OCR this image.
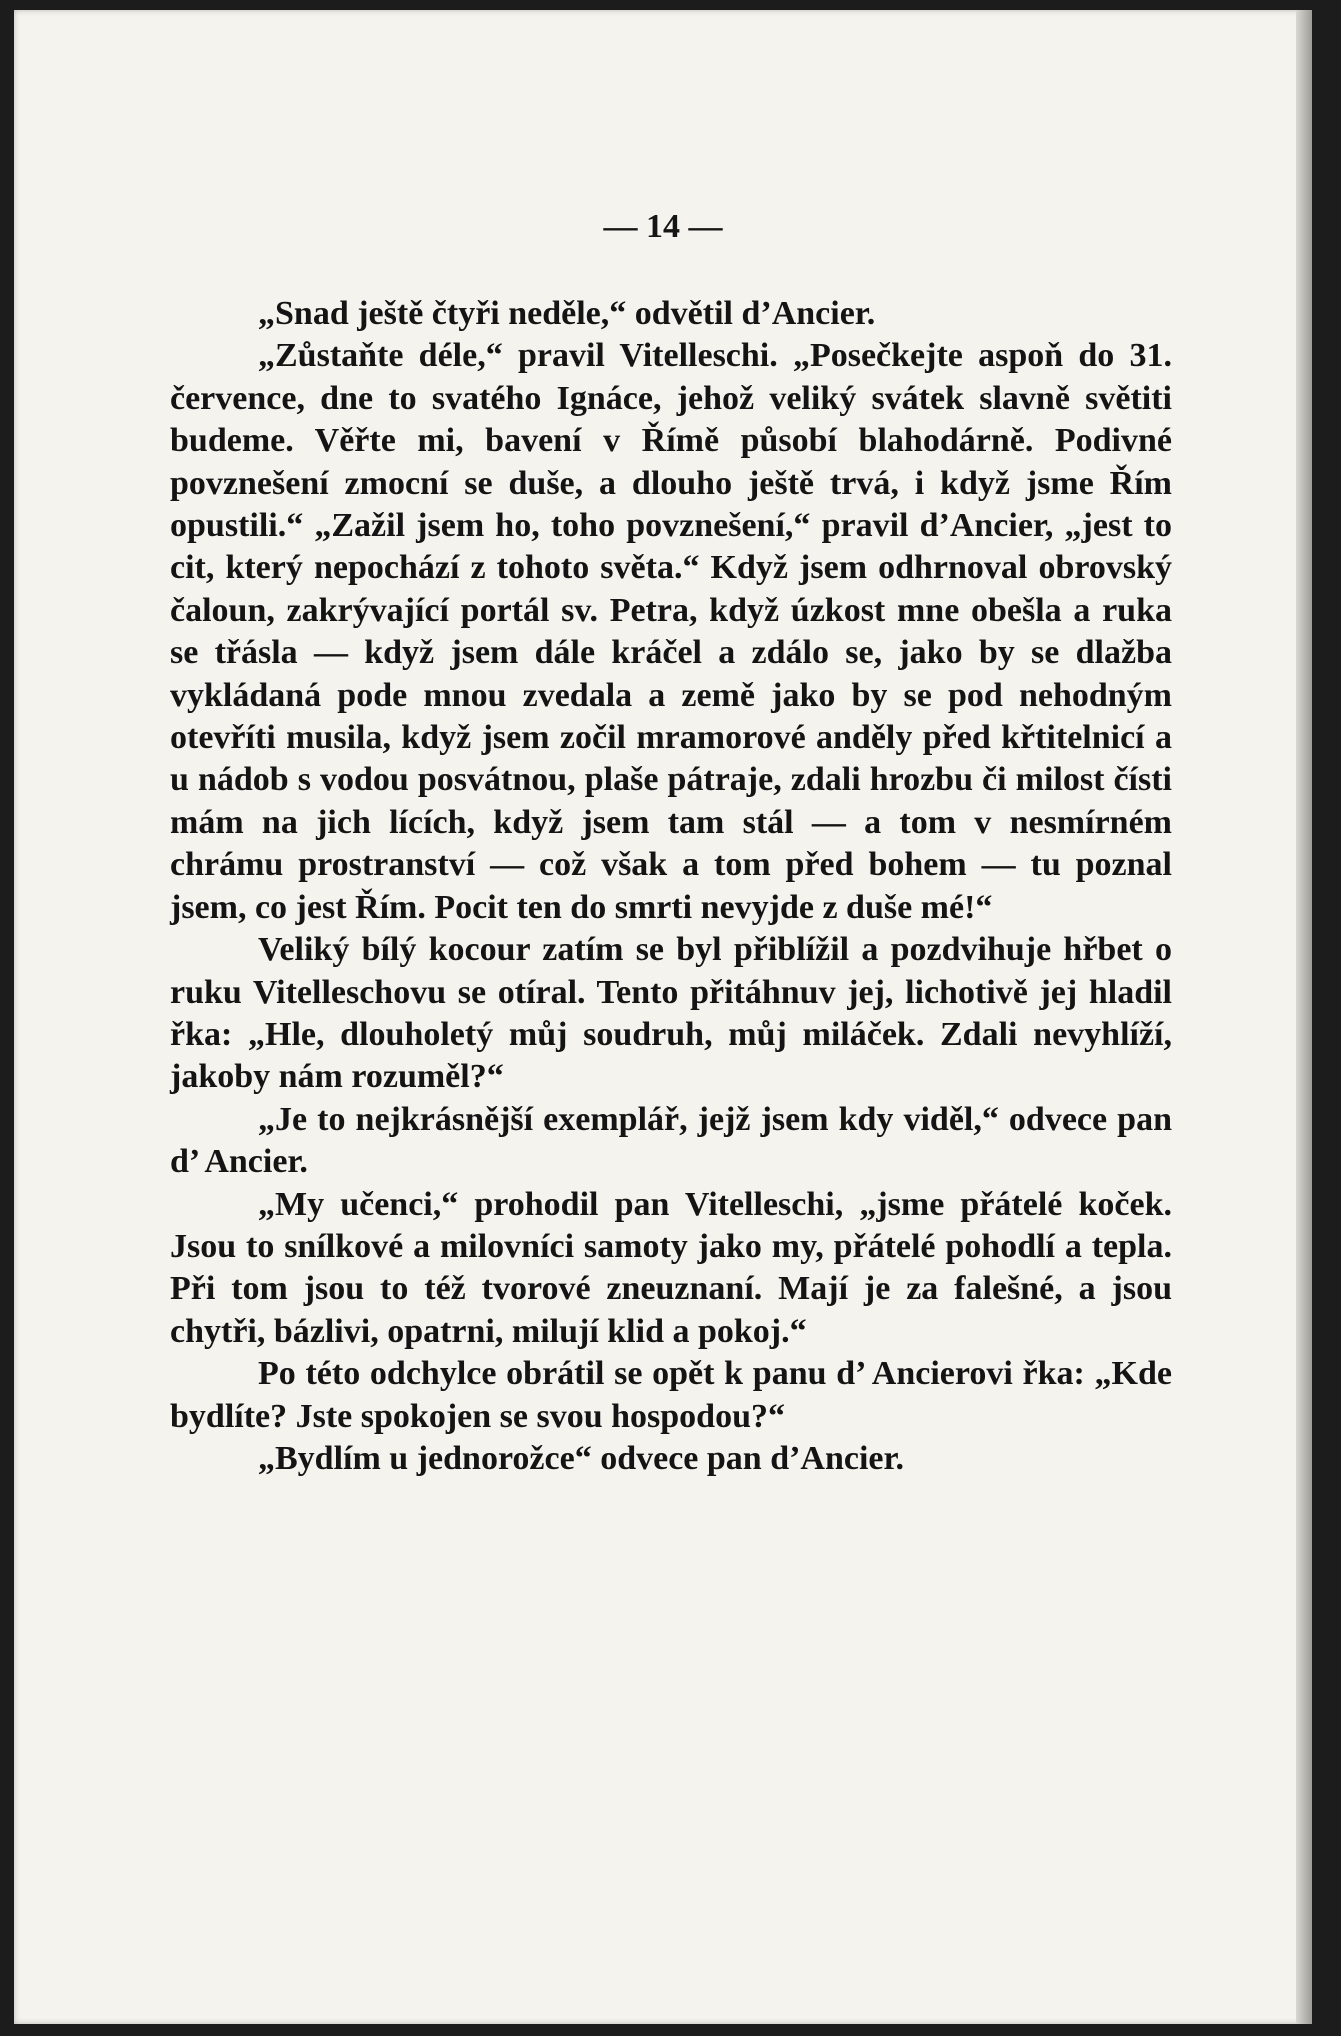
— 14 —

„Snad ještě čtyři neděle,“ odvětil d’Ancier.

„Zůstaňte déle,“ pravil Vitelleschi. „Posečkejte aspoň do 31. července, dne to svatého Ignáce, jehož veliký svátek slavně světiti budeme. Věřte mi, bavení v Římě působí blahodárně. Podivné povznešení zmocní se duše, a dlouho ještě trvá, i když jsme Řím opustili.“ „Zažil jsem ho, toho povznešení,“ pravil d’Ancier, „jest to cit, který nepochází z tohoto světa.“ Když jsem odhrnoval obrovský čaloun, zakrývající portál sv. Petra, když úzkost mne obešla a ruka se třásla — když jsem dále kráčel a zdálo se, jako by se dlažba vykládaná pode mnou zvedala a země jako by se pod nehodným otevříti musila, když jsem zočil mramorové anděly před křtitelnicí a u nádob s vodou posvátnou, plaše pátraje, zdali hrozbu či milost čísti mám na jich lících, když jsem tam stál — a tom v nesmírném chrámu prostranství — což však a tom před bohem — tu poznal jsem, co jest Řím. Pocit ten do smrti nevyjde z duše mé!“

Veliký bílý kocour zatím se byl přiblížil a pozdvihuje hřbet o ruku Vitelleschovu se otíral. Tento přitáhnuv jej, lichotivě jej hladil řka: „Hle, dlouholetý můj soudruh, můj miláček. Zdali nevyhlíží, jakoby nám rozuměl?“

„Je to nejkrásnější exemplář, jejž jsem kdy viděl,“ odvece pan d’ Ancier.

„My učenci,“ prohodil pan Vitelleschi, „jsme přátelé koček. Jsou to snílkové a milovníci samoty jako my, přátelé pohodlí a tepla. Při tom jsou to též tvorové zneuznaní. Mají je za falešné, a jsou chytři, bázlivi, opatrni, milují klid a pokoj.“

Po této odchylce obrátil se opět k panu d’ Ancierovi řka: „Kde bydlíte? Jste spokojen se svou hospodou?“

„Bydlím u jednorožce“ odvece pan d’Ancier.
